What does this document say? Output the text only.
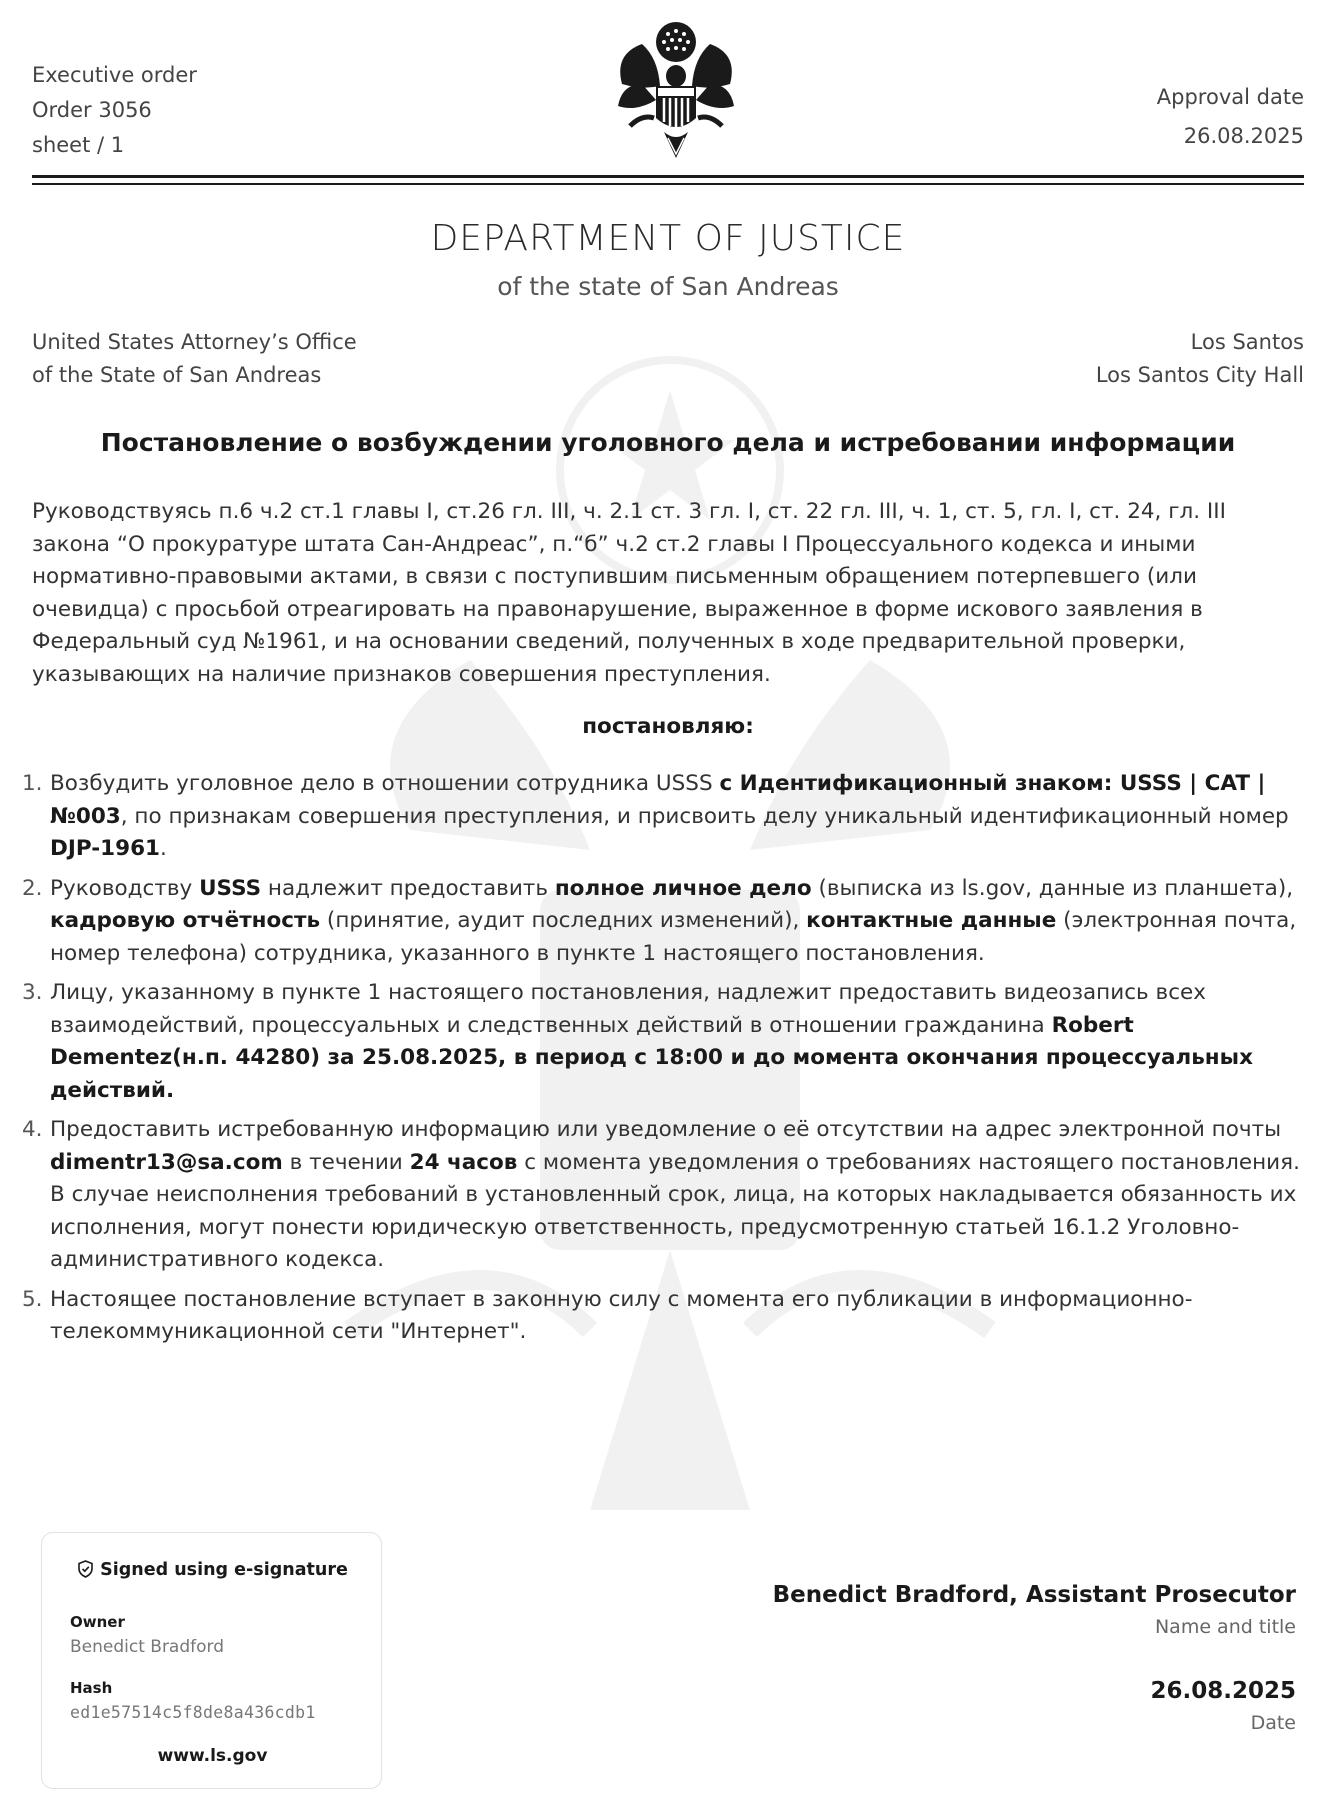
Executive order
Order 3056
sheet / 1
Approval date
26.08.2025
DEPARTMENT OF JUSTICE
of the state of San Andreas
United States Attorney’s Office
of the State of San Andreas
Los Santos
Los Santos City Hall
Постановление о возбуждении уголовного дела и истребовании информации

Руководствуясь п.6 ч.2 ст.1 главы I, ст.26 гл. III, ч. 2.1 ст. 3 гл. I, ст. 22 гл. III, ч. 1, ст. 5, гл. I, ст. 24, гл. III закона “О прокуратуре штата Сан-Андреас”, п.“б” ч.2 ст.2 главы I Процессуального кодекса и иными нормативно-правовыми актами, в связи с поступившим письменным обращением потерпевшего (или очевидца) с просьбой отреагировать на правонарушение, выраженное в форме искового заявления в Федеральный суд №1961, и на основании сведений, полученных в ходе предварительной проверки, указывающих на наличие признаков совершения преступления.

постановляю:
1. Возбудить уголовное дело в отношении сотрудника USSS с Идентификационный знаком: USSS | CAT | №003, по признакам совершения преступления, и присвоить делу уникальный идентификационный номер DJP-1961.
2. Руководству USSS надлежит предоставить полное личное дело (выписка из ls.gov, данные из планшета), кадровую отчётность (принятие, аудит последних изменений), контактные данные (электронная почта, номер телефона) сотрудника, указанного в пункте 1 настоящего постановления.
3. Лицу, указанному в пункте 1 настоящего постановления, надлежит предоставить видеозапись всех взаимодействий, процессуальных и следственных действий в отношении гражданина Robert Dementez(н.п. 44280) за 25.08.2025, в период с 18:00 и до момента окончания процессуальных действий.
4. Предоставить истребованную информацию или уведомление о её отсутствии на адрес электронной почты dimentr13@sa.com в течении 24 часов с момента уведомления о требованиях настоящего постановления. В случае неисполнения требований в установленный срок, лица, на которых накладывается обязанность их исполнения, могут понести юридическую ответственность, предусмотренную статьей 16.1.2 Уголовно-административного кодекса.
5. Настоящее постановление вступает в законную силу с момента его публикации в информационно-телекоммуникационной сети "Интернет".
Signed using e-signature
Owner
Benedict Bradford
Hash
ed1e57514c5f8de8a436cdb1
www.ls.gov
Benedict Bradford, Assistant Prosecutor
Name and title
26.08.2025
Date
